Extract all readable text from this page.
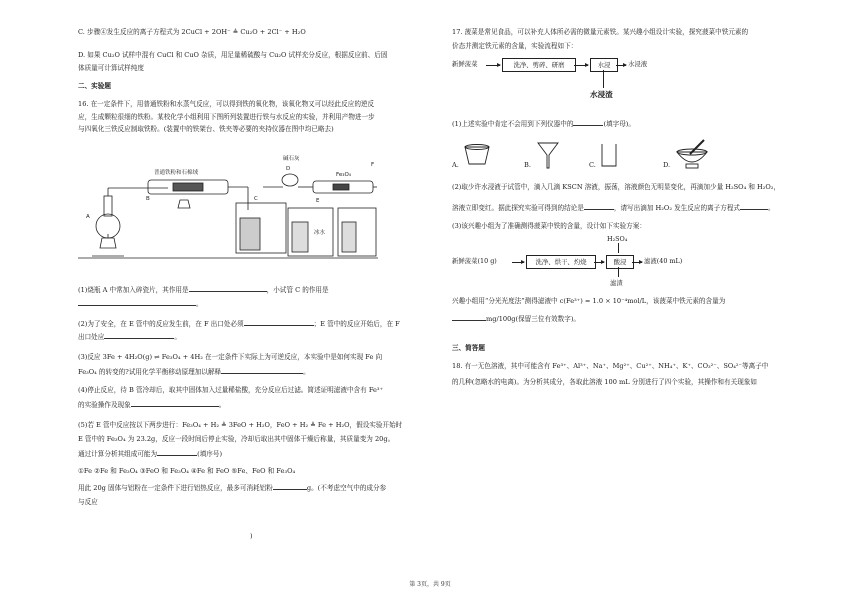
C. 步骤④发生反应的离子方程式为 2CuCl + 2OH⁻ ≜ Cu₂O + 2Cl⁻ + H₂O
D. 如果 Cu₂O 试样中混有 CuCl 和 CuO 杂质，用足量稀硫酸与 Cu₂O 试样充分反应，根据反应前、后固
体质量可计算试样纯度
二、实验题
16. 在一定条件下，用普通铁粉和水蒸气反应，可以得到铁的氧化物，该氧化物又可以经此反应的逆反
应，生成颗粒很细的铁粉。某校化学小组利用下图所列装置进行铁与水反应的实验，并利用产物进一步
与四氧化三铁反应制取铁粉。(装置中的铁架台、铁夹等必要的夹持仪器在图中均已略去)
碱石灰
Fe₃O₄
F
普通铁粉和石棉绒
A
B	C
D
E
冰水
(1)烧瓶 A 中常加入碎瓷片，其作用是	，小试管 C 的作用是
。
(2)为了安全，在 E 管中的反应发生前，在 F 出口处必须	；E 管中的反应开始后，在 F
出口处应	。
(3)反应 3Fe + 4H₂O(g) ⇌ Fe₃O₄ + 4H₂ 在一定条件下实际上为可逆反应，本实验中是如何实现 Fe 向
Fe₃O₄ 的转变的?试用化学平衡移动原理加以解释	。
(4)停止反应，待 B 管冷却后，取其中固体加入过量稀盐酸，充分反应后过滤。简述证明滤液中含有 Fe³⁺
的实验操作及现象	。
(5)若 E 管中反应按以下两步进行：Fe₃O₄ + H₂ ≜ 3FeO + H₂O，FeO + H₂ ≜ Fe + H₂O，假设实验开始时
E 管中的 Fe₃O₄ 为 23.2g，反应一段时间后停止实验，冷却后取出其中固体干燥后称量，其质量变为 20g。
通过计算分析其组成可能为	(填序号)
①Fe ②Fe 和 Fe₃O₄ ③FeO 和 Fe₃O₄ ④Fe 和 FeO ⑤Fe、FeO 和 Fe₃O₄
用此 20g 固体与铝粉在一定条件下进行铝热反应，最多可消耗铝粉	g。(不考虑空气中的成分参
与反应
)
17. 菠菜是常见食品，可以补充人体所必需的微量元素铁。某兴趣小组设计实验，探究菠菜中铁元素的
价态并测定铁元素的含量，实验流程如下：
新鲜菠菜	洗净、剪碎、研磨	水浸	水浸液
水浸渣
(1)上述实验中肯定不会用到下列仪器中的	(填字母)。
A.	B.	C.	D.
(2)取少许水浸液于试管中，滴入几滴 KSCN 溶液，振荡，溶液颜色无明显变化，再滴加少量 H₂SO₄ 和 H₂O₂，
溶液立即变红。据此探究实验可得到的结论是	，请写出滴加 H₂O₂ 发生反应的离子方程式	。
(3)该兴趣小组为了准确测得菠菜中铁的含量，设计如下实验方案：
H₂SO₄
新鲜菠菜(10 g)	洗净、烘干、灼烧	酸浸	滤液(40 mL)
滤渣
兴趣小组用“分光光度法”测得滤液中 c(Fe³⁺) = 1.0 × 10⁻⁴mol/L，该菠菜中铁元素的含量为
mg/100g(保留三位有效数字)。
三、简答题
18. 有一无色溶液，其中可能含有 Fe³⁺、Al³⁺、Na⁺、Mg²⁺、Cu²⁺、NH₄⁺、K⁺、CO₃²⁻、SO₄²⁻等离子中
的几种(忽略水的电离)。为分析其成分，各取此溶液 100 mL 分别进行了四个实验，其操作和有关现象如
第 3页，共 9页
